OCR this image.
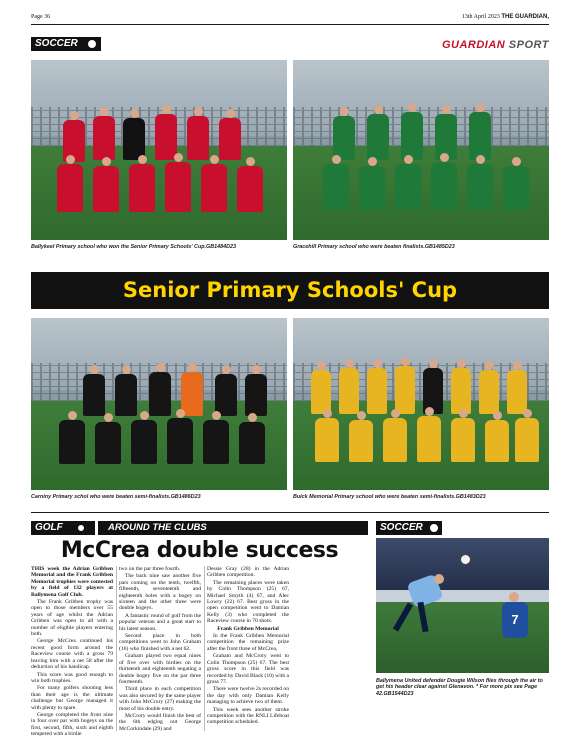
Page 36	13th April 2023 THE GUARDIAN,
SOCCER	GUARDIAN SPORT
Ballykeel Primary school who won the Senior Primary Schools' Cup.GB1484D23	Gracehill Primary school who were beaten finalists.GB1485D23
Senior Primary Schools' Cup
Carniny Primary schol who were beaten semi-finalists.GB1486D23	Buick Memorial Primary school who were beaten semi-finalists.GB1483D23
GOLF	AROUND THE CLUBS
McCrea double success

THIS week the Adrian Gribben Memorial and the Frank Gribben Memorial trophies were contested by a field of 132 players at Ballymena Golf Club.

The Frank Gribben trophy was open to those members over 55 years of age whilst the Adrian Gribben was open to all with a number of eligible players entering both.

George McCrea continued his recent good form around the Raceview course with a gross 79 leaving him with a net 58 after the deduction of his handicap.

This score was good enough to win both trophies.

For many golfers shooting less than their age is the ultimate challenge but George managed it with plenty to spare.

George completed the front nine in four over par with bogeys on the first, second, fifth, sixth and eighth tempered with a birdie

two on the par three fourth.

The back nine saw another five pars coming on the tenth, twelfth, fifteenth, seventeenth and eighteenth holes with a bogey on sixteen and the other three were double bogeys.

A fantastic round of golf from the popular veteran and a great start to his latest season.

Second place in both competitions went to John Graham (16) who finished with a net 62.

Graham played two equal nines of five over with birdies on the thirteenth and eighteenth negating a double bogey five on the par three fourteenth.

Third place in each competition was also secured by the same player with John McCrory (27) making the most of his double entry.

McCrory would finish the best of the 6th edging out George McCorkindale (29) and

Dessie Gray (28) in the Adrian Gribben competition.

The remaining places were taken by Colin Thompson (25) 67, Michael Smyth (4) 67, and Alec Lowry (22) 67. Best gross in the open competition went to Damian Kelly (3) who completed the Raceview course in 70 shots.

Frank Gribben Memorial

In the Frank Gribben Memorial competition the remaining prize after the front three of McCrea,

Graham and McCrory went to Colin Thompson (25) 67. The best gross score in this field was recorded by David Black (10) with a gross 77.

There were twelve 2s recorded on the day with only Damian Kelly managing to achieve two of them.

This week sees another stroke competition with the RNLI Lifeboat competition scheduled.

SOCCER
7
Ballymena United defender Dougie Wilson flies through the air to get his header clear against Glenavon. * For more pix see Page 42.GB1544D23
